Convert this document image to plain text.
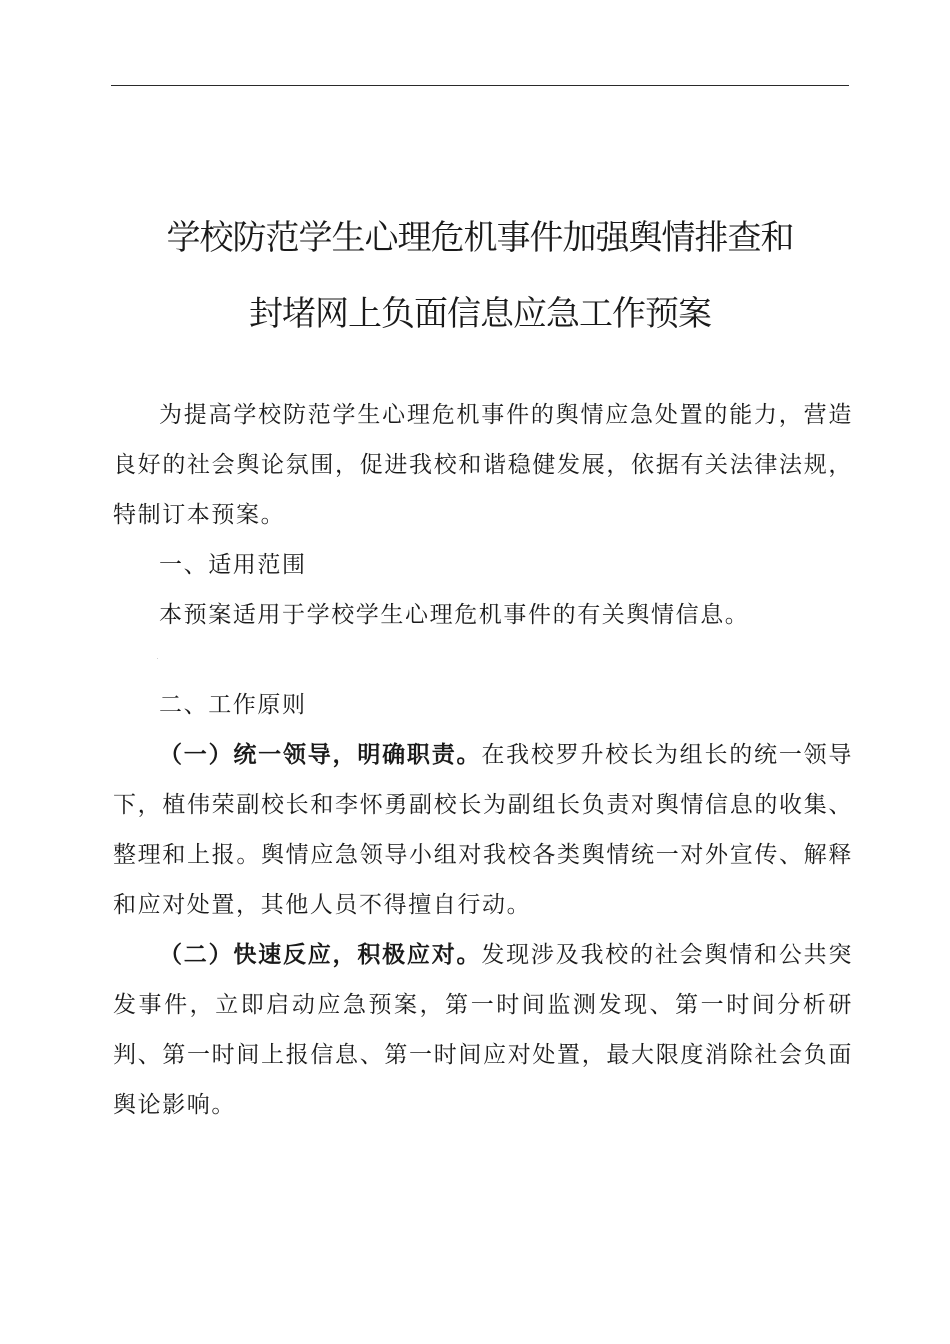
学校防范学生心理危机事件加强舆情排查和
封堵网上负面信息应急工作预案

为提高学校防范学生心理危机事件的舆情应急处置的能力，营造良好的社会舆论氛围，促进我校和谐稳健发展，依据有关法律法规，特制订本预案。

一、适用范围

本预案适用于学校学生心理危机事件的有关舆情信息。

二、工作原则

（一）统一领导，明确职责。在我校罗升校长为组长的统一领导下，植伟荣副校长和李怀勇副校长为副组长负责对舆情信息的收集、整理和上报。舆情应急领导小组对我校各类舆情统一对外宣传、解释和应对处置，其他人员不得擅自行动。

（二）快速反应，积极应对。发现涉及我校的社会舆情和公共突发事件，立即启动应急预案，第一时间监测发现、第一时间分析研判、第一时间上报信息、第一时间应对处置，最大限度消除社会负面舆论影响。
